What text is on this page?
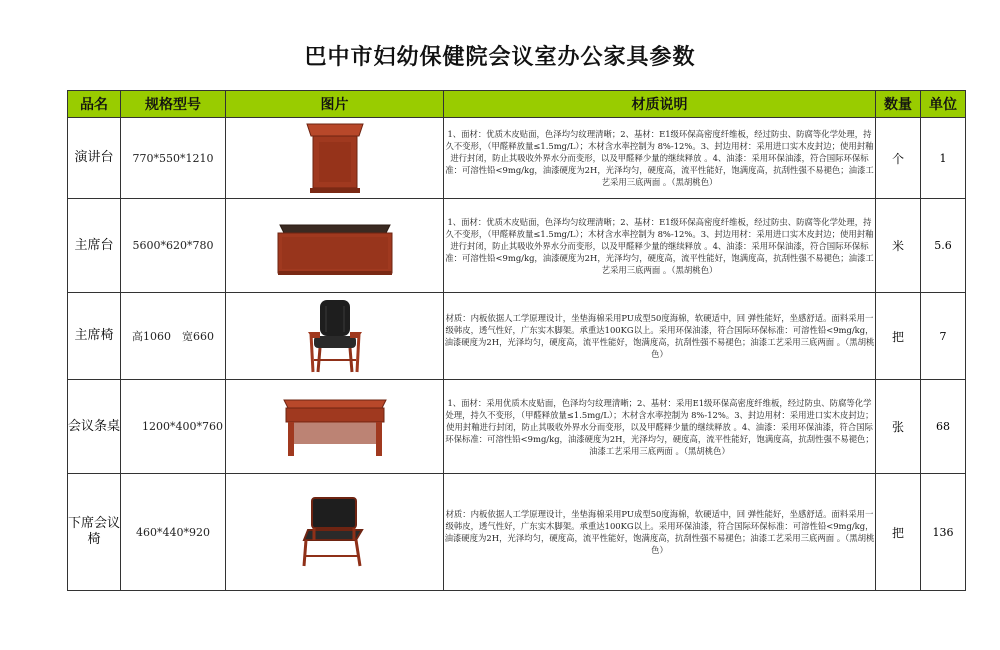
巴中市妇幼保健院会议室办公家具参数
品名	规格型号	图片	材质说明	数量	单位
演讲台	770*550*1210		1、面材：优质木皮贴面，色泽均匀纹理清晰；2、基材：E1级环保高密度纤维板，经过防虫、防腐等化学处理，持久不变形，（甲醛释放量≤1.5mg/L）；木材含水率控制为 8%-12%。3、封边用材：采用进口实木皮封边；使用封釉进行封闭，防止其吸收外界水分而变形，以及甲醛释少量的继续释放 。4、油漆：采用环保油漆，符合国际环保标准：可溶性铅<9mg/kg，油漆硬度为2H，光泽均匀，硬度高，流平性能好，饱满度高，抗刮性强不易褪色；油漆工艺采用三底两面 。（黑胡桃色）	个	1
主席台	5600*620*780		1、面材：优质木皮贴面，色泽均匀纹理清晰；2、基材：E1级环保高密度纤维板，经过防虫、防腐等化学处理，持久不变形，（甲醛释放量≤1.5mg/L）；木材含水率控制为 8%-12%。3、封边用材：采用进口实木皮封边；使用封釉进行封闭，防止其吸收外界水分而变形，以及甲醛释少量的继续释放 。4、油漆：采用环保油漆，符合国际环保标准：可溶性铅<9mg/kg，油漆硬度为2H，光泽均匀，硬度高，流平性能好，饱满度高，抗刮性强不易褪色；油漆工艺采用三底两面 。（黑胡桃色）	米	5.6
主席椅	高1060　宽660		材质：内板依据人工学原理设计，坐垫海棉采用PU成型50度海棉，软硬适中，回 弹性能好，坐感舒适。面料采用一级韩皮，透气性好，广东实木脚架。承重达100KG以上。采用环保油漆，符合国际环保标准：可溶性铅<9mg/kg，油漆硬度为2H，光泽均匀，硬度高，流平性能好，饱满度高，抗刮性强不易褪色；油漆工艺采用三底两面 。（黑胡桃色）	把	7
会议条桌	1200*400*760		1、面材：采用优质木皮贴面，色泽均匀纹理清晰；2、基材：采用E1级环保高密度纤维板，经过防虫、防腐等化学处理，持久不变形，（甲醛释放量≤1.5mg/L）；木材含水率控制为 8%-12%。3、封边用材：采用进口实木皮封边；使用封釉进行封闭，防止其吸收外界水分而变形，以及甲醛释少量的继续释放 。4、油漆：采用环保油漆，符合国际环保标准：可溶性铅<9mg/kg，油漆硬度为2H，光泽均匀，硬度高，流平性能好，饱满度高，抗刮性强不易褪色；油漆工艺采用三底两面 。（黑胡桃色）	张	68
下席会议椅	460*440*920		材质：内板依据人工学原理设计，坐垫海棉采用PU成型50度海棉，软硬适中，回 弹性能好，坐感舒适。面料采用一级韩皮，透气性好，广东实木脚架。承重达100KG以上。采用环保油漆，符合国际环保标准：可溶性铅<9mg/kg，油漆硬度为2H，光泽均匀，硬度高，流平性能好，饱满度高，抗刮性强不易褪色；油漆工艺采用三底两面 。（黑胡桃色）	把	136
